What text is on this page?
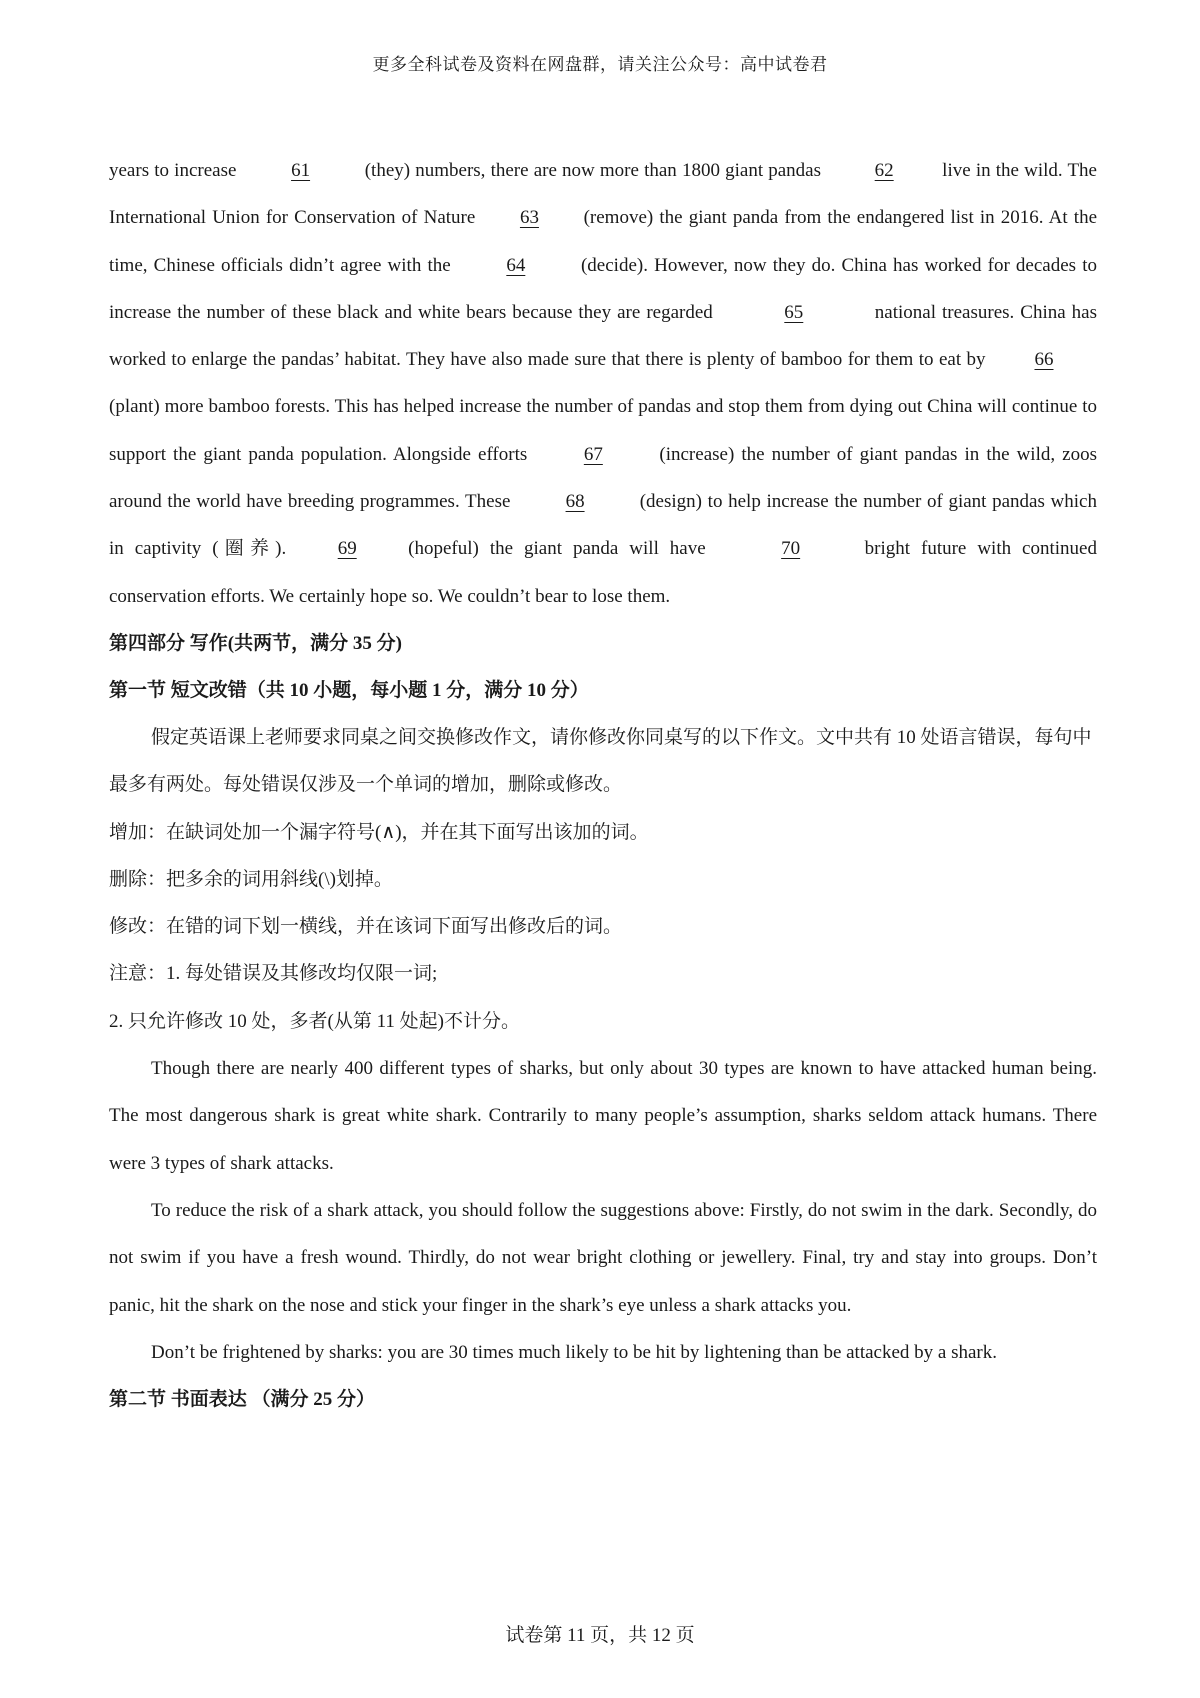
更多全科试卷及资料在网盘群，请关注公众号：高中试卷君

years to increase	61	(they) numbers, there are now more than 1800 giant pandas	62	live in the wild. The International Union for Conservation of Nature 63 (remove) the giant panda from the endangered list in 2016. At the time, Chinese officials didn’t agree with the	64	(decide). However, now they do. China has worked for decades to increase the number of these black and white bears because they are regarded	65	national treasures. China has worked to enlarge the pandas’ habitat. They have also made sure that there is plenty of bamboo for them to eat by 66 (plant) more bamboo forests. This has helped increase the number of pandas and stop them from dying out China will continue to support the giant panda population. Alongside efforts	67	(increase) the number of giant pandas in the wild, zoos around the world have breeding programmes. These	68	(design) to help increase the number of giant pandas which in captivity (圈养). 69 (hopeful) the giant panda will have	70	bright future with continued conservation efforts. We certainly hope so. We couldn’t bear to lose them.

第四部分 写作(共两节，满分 35 分)

第一节 短文改错（共 10 小题，每小题 1 分，满分 10 分）

假定英语课上老师要求同桌之间交换修改作文，请你修改你同桌写的以下作文。文中共有 10 处语言错误，每句中最多有两处。每处错误仅涉及一个单词的增加，删除或修改。

增加：在缺词处加一个漏字符号(∧)，并在其下面写出该加的词。

删除：把多余的词用斜线(\)划掉。

修改：在错的词下划一横线，并在该词下面写出修改后的词。

注意：1. 每处错误及其修改均仅限一词;

2. 只允许修改 10 处，多者(从第 11 处起)不计分。

Though there are nearly 400 different types of sharks, but only about 30 types are known to have attacked human being. The most dangerous shark is great white shark. Contrarily to many people’s assumption, sharks seldom attack humans. There were 3 types of shark attacks.

To reduce the risk of a shark attack, you should follow the suggestions above: Firstly, do not swim in the dark. Secondly, do not swim if you have a fresh wound. Thirdly, do not wear bright clothing or jewellery. Final, try and stay into groups. Don’t panic, hit the shark on the nose and stick your finger in the shark’s eye unless a shark attacks you.

Don’t be frightened by sharks: you are 30 times much likely to be hit by lightening than be attacked by a shark.

第二节 书面表达 （满分 25 分）

试卷第 11 页，共 12 页
